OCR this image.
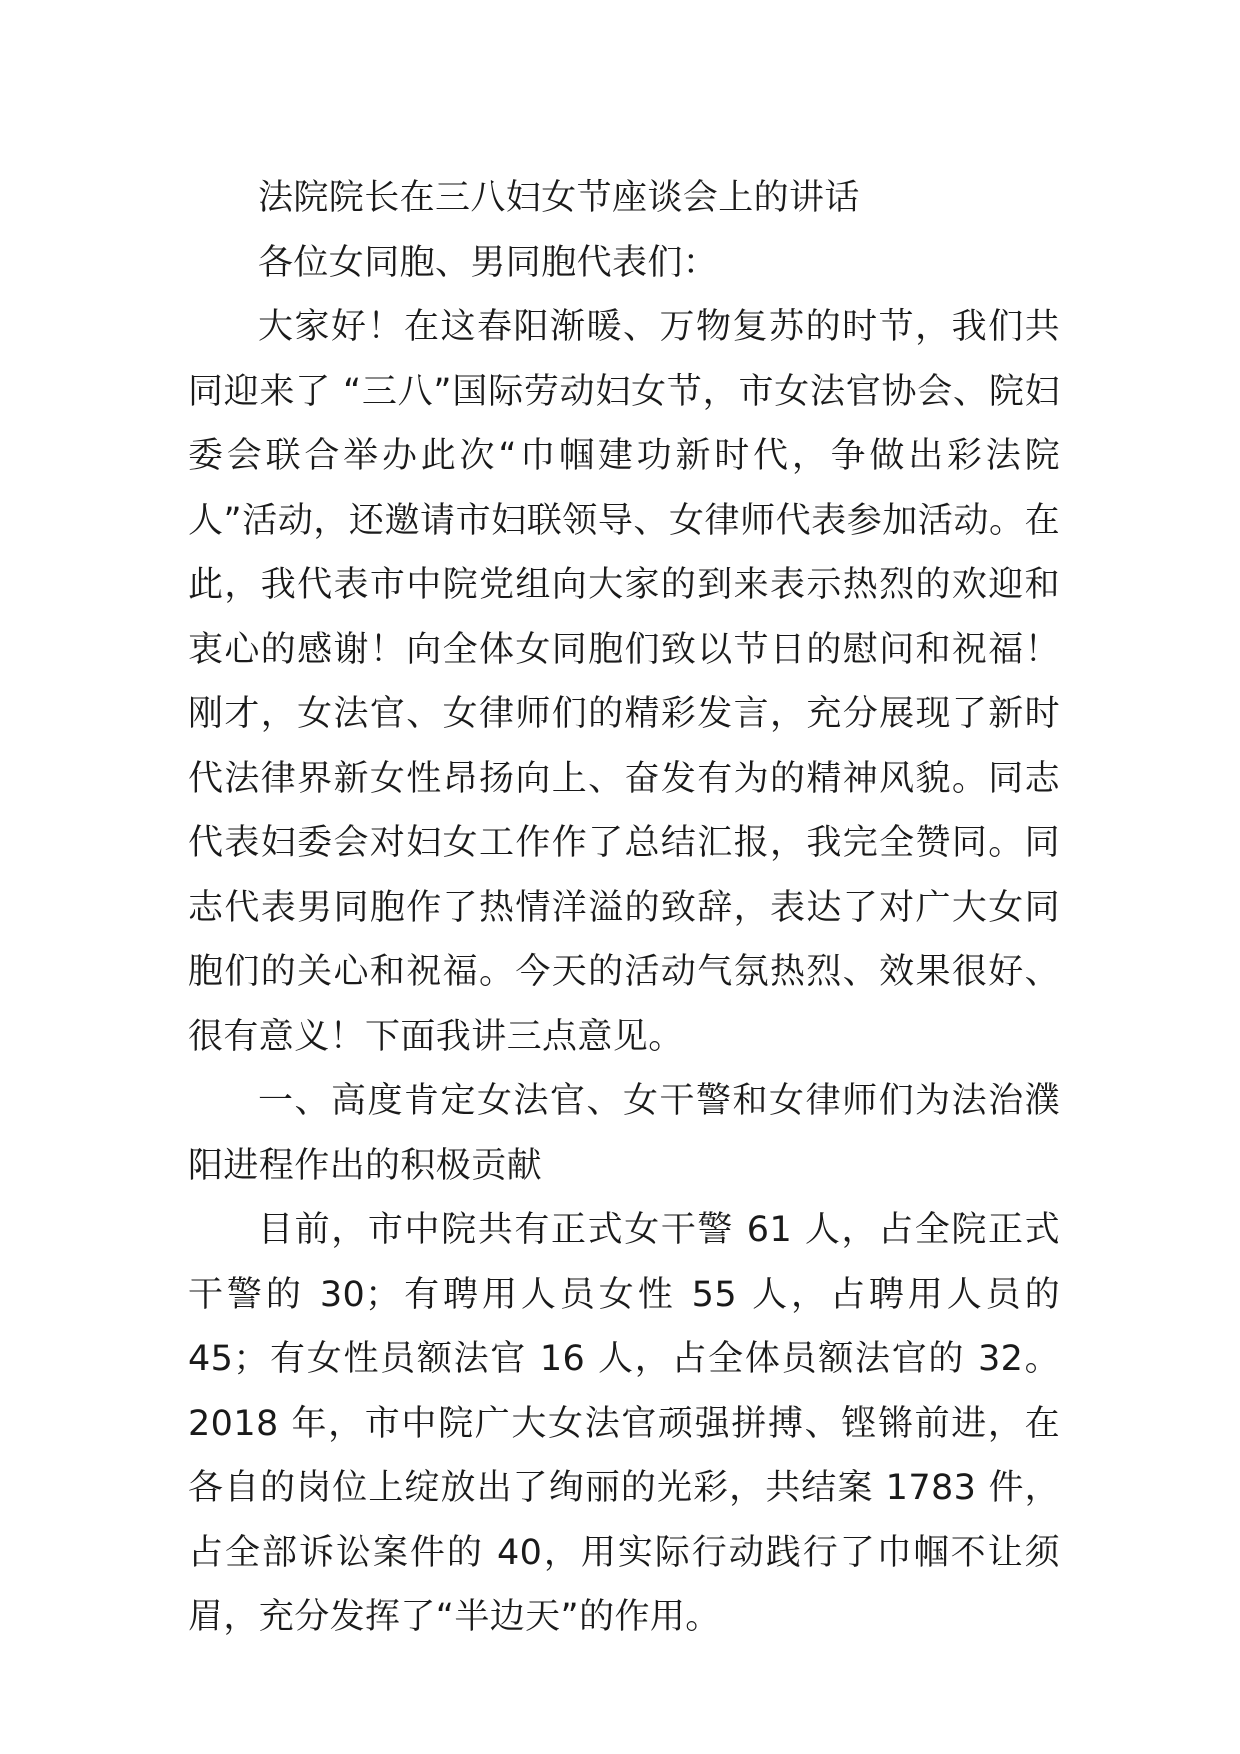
法院院长在三八妇女节座谈会上的讲话

各位女同胞、男同胞代表们：

大家好！在这春阳渐暖、万物复苏的时节，我们共同迎来了 “三八”国际劳动妇女节，市女法官协会、院妇委会联合举办此次“巾帼建功新时代，争做出彩法院人”活动，还邀请市妇联领导、女律师代表参加活动。在此，我代表市中院党组向大家的到来表示热烈的欢迎和衷心的感谢！向全体女同胞们致以节日的慰问和祝福！刚才，女法官、女律师们的精彩发言，充分展现了新时代法律界新女性昂扬向上、奋发有为的精神风貌。同志代表妇委会对妇女工作作了总结汇报，我完全赞同。同志代表男同胞作了热情洋溢的致辞，表达了对广大女同胞们的关心和祝福。今天的活动气氛热烈、效果很好、很有意义！下面我讲三点意见。

一、高度肯定女法官、女干警和女律师们为法治濮阳进程作出的积极贡献

目前，市中院共有正式女干警 61 人，占全院正式干警的 30；有聘用人员女性 55 人，占聘用人员的 45；有女性员额法官 16 人，占全体员额法官的 32。2018 年，市中院广大女法官顽强拼搏、铿锵前进，在各自的岗位上绽放出了绚丽的光彩，共结案 1783 件，占全部诉讼案件的 40，用实际行动践行了巾帼不让须眉，充分发挥了“半边天”的作用。
